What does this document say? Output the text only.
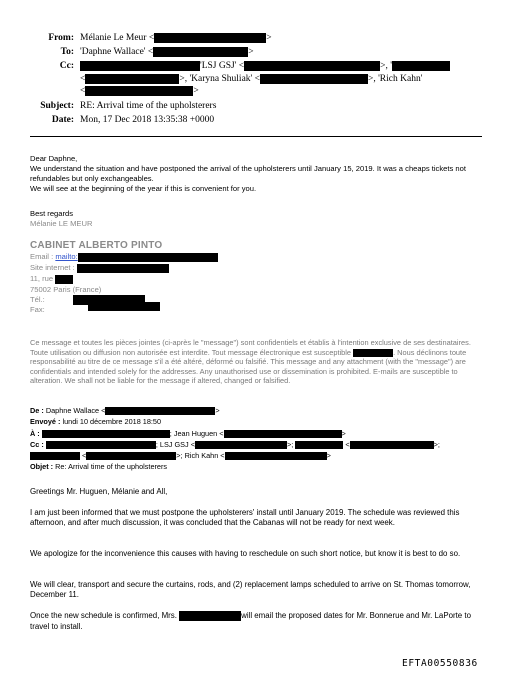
From: Mélanie Le Meur <	>
To: 'Daphne Wallace' <	>
Cc:	'LSJ GSJ' <	>, '
<	>, 'Karyna Shuliak' <	>, 'Rich Kahn'
<	>
Subject: RE: Arrival time of the upholsterers
Date: Mon, 17 Dec 2018 13:35:38 +0000
Dear Daphne,
We understand the situation and have postponed the arrival of the upholsterers until January 15, 2019. It was a cheaps tickets not refundables but only exchangeables.
We will see at the beginning of the year if this is convenient for you.
Best regards
Mélanie LE MEUR
CABINET ALBERTO PINTO
Email : mailto:
Site internet :
11, rue
75002 Paris (France)
Tél.:
Fax:
Ce message et toutes les pièces jointes (ci-après le "message") sont confidentiels et établis à l'intention exclusive de ses destinataires. Toute utilisation ou diffusion non autorisée est interdite. Tout message électronique est susceptible	. Nous déclinons toute responsabilité au titre de ce message s'il a été altéré, déformé ou falsifié. This message and any attachment (with the "message") are confidentials and intended solely for the addresses. Any unauthorised use or dissemination is prohibited. E-mails are susceptible to alteration. We shall not be liable for the message if altered, changed or falsified.
De : Daphne Wallace <	>
Envoyé : lundi 10 décembre 2018 18:50
À :	; Jean Huguen <	>
Cc :	; LSJ GSJ <	>;	<	>;
<	>; Rich Kahn <	>
Objet : Re: Arrival time of the upholsterers
Greetings Mr. Huguen, Mélanie and All,
I am just been informed that we must postpone the upholsterers' install until January 2019. The schedule was reviewed this afternoon, and after much discussion, it was concluded that the Cabanas will not be ready for next week.
We apologize for the inconvenience this causes with having to reschedule on such short notice, but know it is best to do so.
We will clear, transport and secure the curtains, rods, and (2) replacement lamps scheduled to arrive on St. Thomas tomorrow, December 11.
Once the new schedule is confirmed, Mrs.	will email the proposed dates for Mr. Bonnerue and Mr. LaPorte to travel to install.
EFTA00550836
